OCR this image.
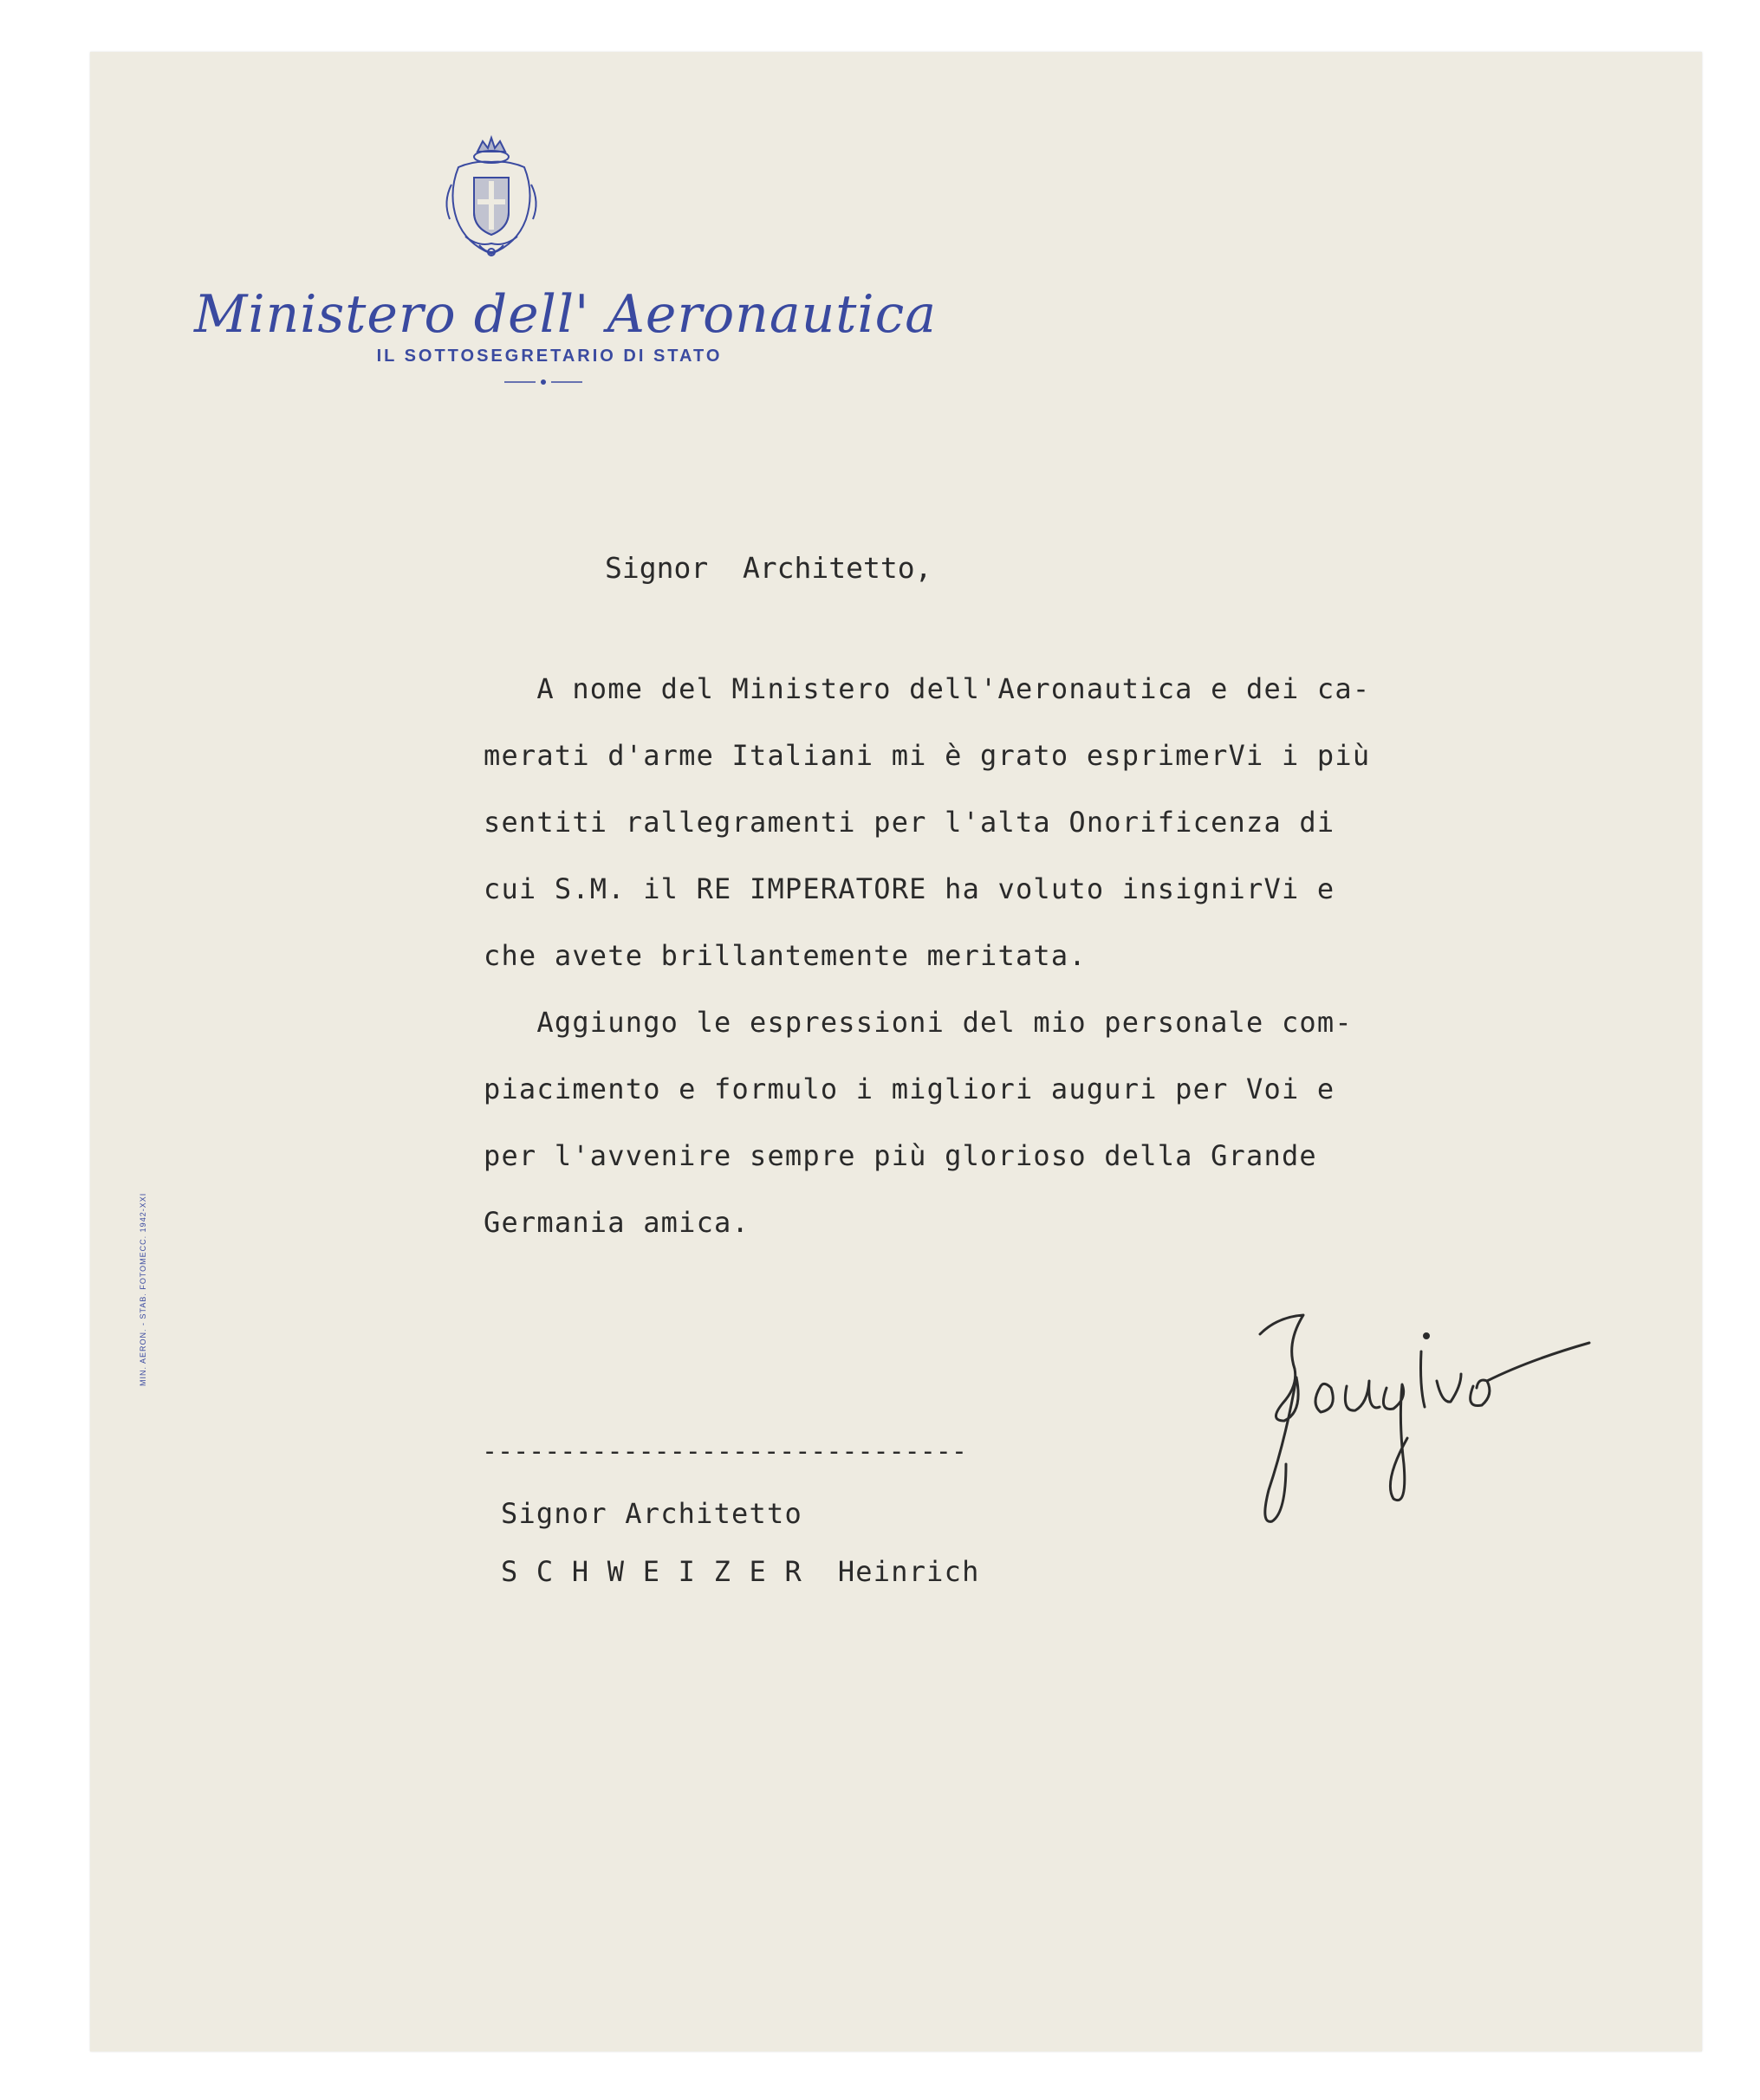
Ministero dell' Aeronautica
IL SOTTOSEGRETARIO DI STATO
Signor  Architetto,
A nome del Ministero dell'Aeronautica e dei ca-
merati d'arme Italiani mi è grato esprimerVi i più
sentiti rallegramenti per l'alta Onorificenza di
cui S.M. il RE IMPERATORE ha voluto insignirVi e
che avete brillantemente meritata.
Aggiungo le espressioni del mio personale com-
piacimento e formulo i migliori auguri per Voi e
per l'avvenire sempre più glorioso della Grande
Germania amica.
-------------------------------
Signor Architetto
S C H W E I Z E R  Heinrich
MIN. AERON. - STAB. FOTOMECC. 1942-XXI
